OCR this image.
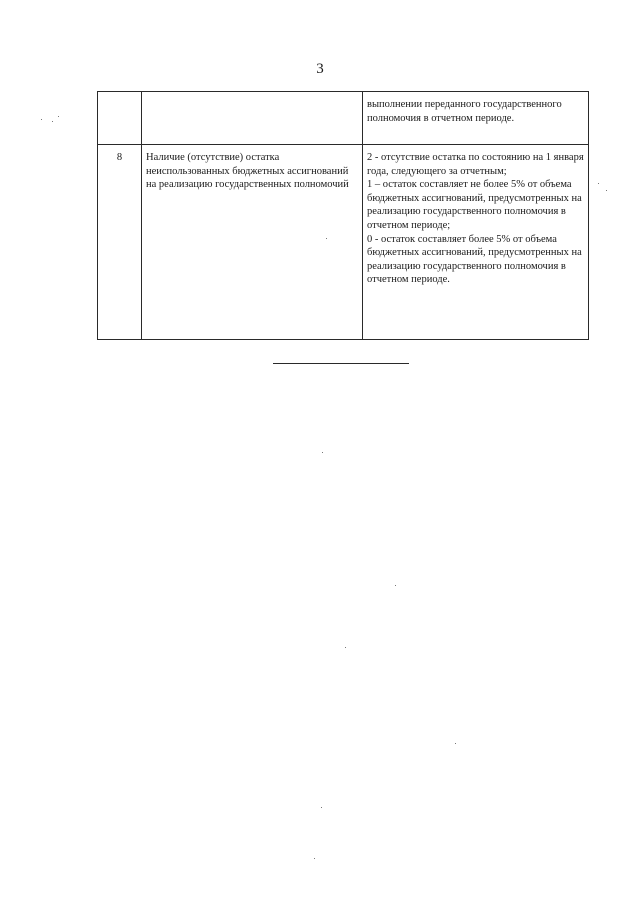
3

		выполнении переданного государственного полномочия в отчетном периоде.

8	Наличие (отсутствие) остатка неиспользованных бюджетных ассигнований на реализацию государственных полномочий	2 - отсутствие остатка по состоянию на 1 января года, следующего за отчетным;
1 – остаток составляет не более 5% от объема бюджетных ассигнований, предусмотренных на реализацию государственного полномочия в отчетном периоде;
0 - остаток составляет более 5% от объема бюджетных ассигнований, предусмотренных на реализацию государственного полномочия в отчетном периоде.
